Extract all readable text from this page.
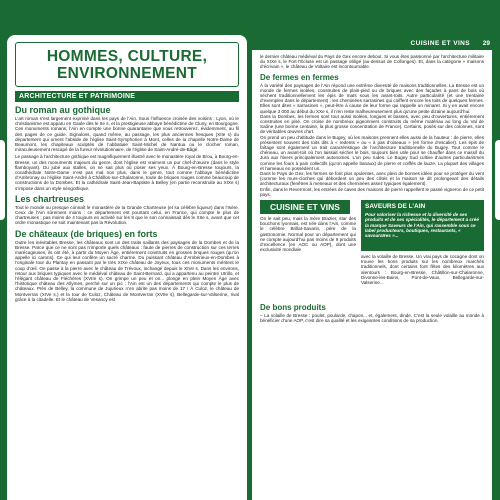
CUISINE ET VINS 29
HOMMES, CULTURE,
ENVIRONNEMENT
ARCHITECTURE ET PATRIMOINE
Du roman au gothique

L’art roman s’est largement exprimé dans les pays de l’Ain. Sous l’influence croisée des voisins : Lyon, où le christianisme est apparu en Gaule dès le IIe s, et la prestigieuse abbaye bénédictine de Cluny, en Bourgogne. Ces monuments romans, l’Ain en compte une bonne quarantaine que vous retrouverez, évidemment, au fil des pages de ce guide. Signalons, quand même, au passage, les plus anciennes fresques (XIIe s) du département qui ornent l’abside de l’église Saint-Symphorien à Mont, celles de la chapelle Notre-Dame de Beaumont, les chapiteaux sculptés de l’abbatiale Saint-Michel de Nantua ou le clocher roman, miraculeusement rescapé de la fureur révolutionnaire, de l’église de Saint-André-de-Bâgé.

Le passage à l’architecture gothique est magnifiquement illustré avec le monastère royal de Brou, à Bourg-en-Bresse, un des monuments majeurs du genre, dont l’église est vraiment un pur chef-d’œuvre (dans le style flamboyant). Du jubé aux stalles, on ne sait plus où poser ses yeux. À Bourg-en-Bresse toujours, la cocathédrale Notre-Dame n’est pas mal non plus, dans le genre, tout comme l’abbaye bénédictine d’Ambronay ou l’église Saint-André à Châtillon-sur-Chalaronne, toute de briques rouges comme beaucoup de constructions de la Dombes. Et la cathédrale Saint-Jean-Baptiste à Belley (en partie reconstruite au XIXe s) s’impose dans un style néogothique.

Les chartreuses

Tout le monde ou presque connaît le monastère de la Grande Chartreuse (et sa célèbre liqueur) dans l’Isère. Ceux de l’Ain sûrement moins : ce département est pourtant celui, en France, qui compte le plus de chartreuses ; pas moins de 4 toujours en activité sur les 8 que le son connaissait dès le XIIe s, avant que cet ordre monastique ne soit maintenant pas la Révolution.

De châteaux (de briques) en forts

Outre les inévitables Bresse, les châteaux sont un des traits saillants des paysages de la Dombes et de la Bresse. Parce que ce ne sont pas n’importe quels châteaux : faute de pierres de construction sur ces terres marécageuses, ils ont été, à partir du Moyen Âge, entièrement construits en grosses briques rouges (qu’on appelle ici carons). Ce qui leur confère un sacré charme. Du puissant château d’Ambérieux-en-Dombes à l’originale tour du Plantay en passant par le très XIXe château de Joyeux, tous ces monuments méritent le coup d’œil. On passe à la pierre avec le château de Trévoux, inchangé depuis le XIVe s. Dans les environs, retour aux briques typiques avec le médiéval château de Saint-Bernard, qui a appartenu au peintre Utrillo, et l’élégant château de Fléchères (XVIIe s). On grimpe un peu et on... plonge en plein Moyen Âge avec l’historique château des Allymes, perché sur un pic ; l’Ain est un des départements qui compte le plus de châteaux. Près de Belley, la commune de Jujurieux n’en abrite pas moins de 17 ! À Culoz, le château de Montverran (XIVe s.) et la tour de Culoz, Château de Montverran (XVIIe s), Bellegarde-sur-Valserine, rival grâce à la citadelle. Et le château de Vesancy est

le dernier château médiéval du Pays de Gex encore debout. Si vous êtes passionné par l’architecture militaire du XIXe s, le Fort l’Écluse est un passage obligé (au-dessus de Collonges). Et, dans la catégorie « maisons d’écrivain », le château de Voltaire est incontournable.

De fermes en fermes

À la variété des paysages de l’Ain répond une extrême diversité de maisons traditionnelles. La Bresse est un monde de fermes isolées, construites de plain-pied ou de briques avec des façades à pans de bois où séchent traditionnellement les épis de maïs sous les avant-toits. Autre particularité (et une trentaine d’exemples dans le département) : les cheminées sarrasines qui coiffent encore les toits de quelques fermes. Elles sont dites « sarrasines », peut-être à cause de leur forme qui rappelle un minaret. Si y en avait encore quelque 3 000 au début du XXe s, il n’en reste malheureusement plus qu’une petite dizaine aujourd’hui.

Dans la Dombes, les fermes sont tout aussi isolées, longues et basses, avec peu d’ouvertures, entièrement construites en pisé. On croise de nombreux pigeonniers construits du même matériau au long du Val de Saône (une bonne centaine, la plus grosse concentration de France). Certains, posés sur des colonnes, sont de véritables œuvres d’art.

On prend un peu d’altitude dans le Bugey, où les maisons prennent elles aussi de la hauteur : de pierre, elles présentent souvent des toits dits à « redents » ou « à pas d’oiseaux » (en forme d’escalier). Les épis de faîtage sont également un trait caractéristique de l’architecture traditionnelle du Bugey. Tout comme le chéneau, un avant-toit où l’on laissait sécher le bois, toujours bien utile pour se chauffer dans ce massif du Jura aux hivers principalement autonomes. L’un peu rudes. Le Bugey Sud cultive d’autres particularismes comme les fours à pain collectifs (qu’on appelle banaux) de pierre et coiffés de lauze. La plupart des villages et hameaux en possèdent un.

Dans le Pays de Gex, les fermes se font plus opulentes, avec plein de bonnes idées pour se protéger du vent (comme les murs-cloches qui débordent un peu des côtés et la maison se dit prolongeant des détails architecturaux (fenêtres à meneaux et des cheminées assez typiques également).

Enfin, dans le Revermont, les entrées de caves des maisons de pierre rappellent le passé vigneron de ce petit pays.

CUISINE ET VINS
On le sait peu, mais la mère Brazier, star des bouchons lyonnais, est née dans l’Ain, comme le célèbre Brillat-Savarin, père de la gastronomie. Normal pour un département qui ne compte aujourd’hui pas moins de 9 produits d’excellence (en AOC ou AOP), dont une exclusivité mondiale
SAVEURS DE L’AIN
Pour valoriser la richesse et la diversité de ses produits et de ses spécialités, le département a créé la marque Saveurs de l’Ain, qui rassemble sous ce label producteurs, boutiques, restaurants, « savouraïres »...
avec la volaille de Bresse. Un vrai pays de cocagne dont on trouve les bons produits sur les nombreux marchés traditionnels, dont certains font fêtes des kilomètres aux alentours : Bourg-en-Bresse, Châtillon-sur-Chalaronne, Divonne-les-Bains, Pont-de-Vaux, Bellegarde-sur-Valserine...
De bons produits

– La volaille de Bresse : poulet, poularde, chapon... et, également, dinde. C’est la seule volaille au monde à bénéficier d’une AOP, c’est dire sa qualité et les exigeantes conditions de sa production.
